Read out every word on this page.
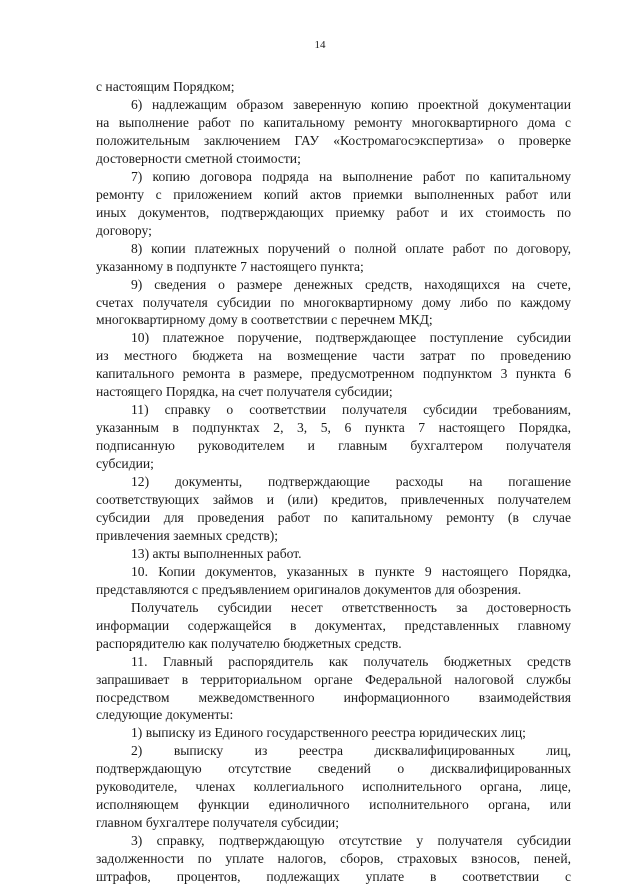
14
с настоящим Порядком;
6) надлежащим образом заверенную копию проектной документации
на выполнение работ по капитальному ремонту многоквартирного дома с
положительным заключением ГАУ «Костромагосэкспертиза» о проверке
достоверности сметной стоимости;
7) копию договора подряда на выполнение работ по капитальному
ремонту с приложением копий актов приемки выполненных работ или
иных документов, подтверждающих приемку работ и их стоимость по
договору;
8) копии платежных поручений о полной оплате работ по договору,
указанному в подпункте 7 настоящего пункта;
9) сведения о размере денежных средств, находящихся на счете,
счетах получателя субсидии по многоквартирному дому либо по каждому
многоквартирному дому в соответствии с перечнем МКД;
10) платежное поручение, подтверждающее поступление субсидии
из местного бюджета на возмещение части затрат по проведению
капитального ремонта в размере, предусмотренном подпунктом 3 пункта 6
настоящего Порядка, на счет получателя субсидии;
11) справку о соответствии получателя субсидии требованиям,
указанным в подпунктах 2, 3, 5, 6 пункта 7 настоящего Порядка,
подписанную руководителем и главным бухгалтером получателя
субсидии;
12) документы, подтверждающие расходы на погашение
соответствующих займов и (или) кредитов, привлеченных получателем
субсидии для проведения работ по капитальному ремонту (в случае
привлечения заемных средств);
13) акты выполненных работ.
10. Копии документов, указанных в пункте 9 настоящего Порядка,
представляются с предъявлением оригиналов документов для обозрения.
Получатель субсидии несет ответственность за достоверность
информации содержащейся в документах, представленных главному
распорядителю как получателю бюджетных средств.
11. Главный распорядитель как получатель бюджетных средств
запрашивает в территориальном органе Федеральной налоговой службы
посредством межведомственного информационного взаимодействия
следующие документы:
1) выписку из Единого государственного реестра юридических лиц;
2) выписку из реестра дисквалифицированных лиц,
подтверждающую отсутствие сведений о дисквалифицированных
руководителе, членах коллегиального исполнительного органа, лице,
исполняющем функции единоличного исполнительного органа, или
главном бухгалтере получателя субсидии;
3) справку, подтверждающую отсутствие у получателя субсидии
задолженности по уплате налогов, сборов, страховых взносов, пеней,
штрафов, процентов, подлежащих уплате в соответствии с
